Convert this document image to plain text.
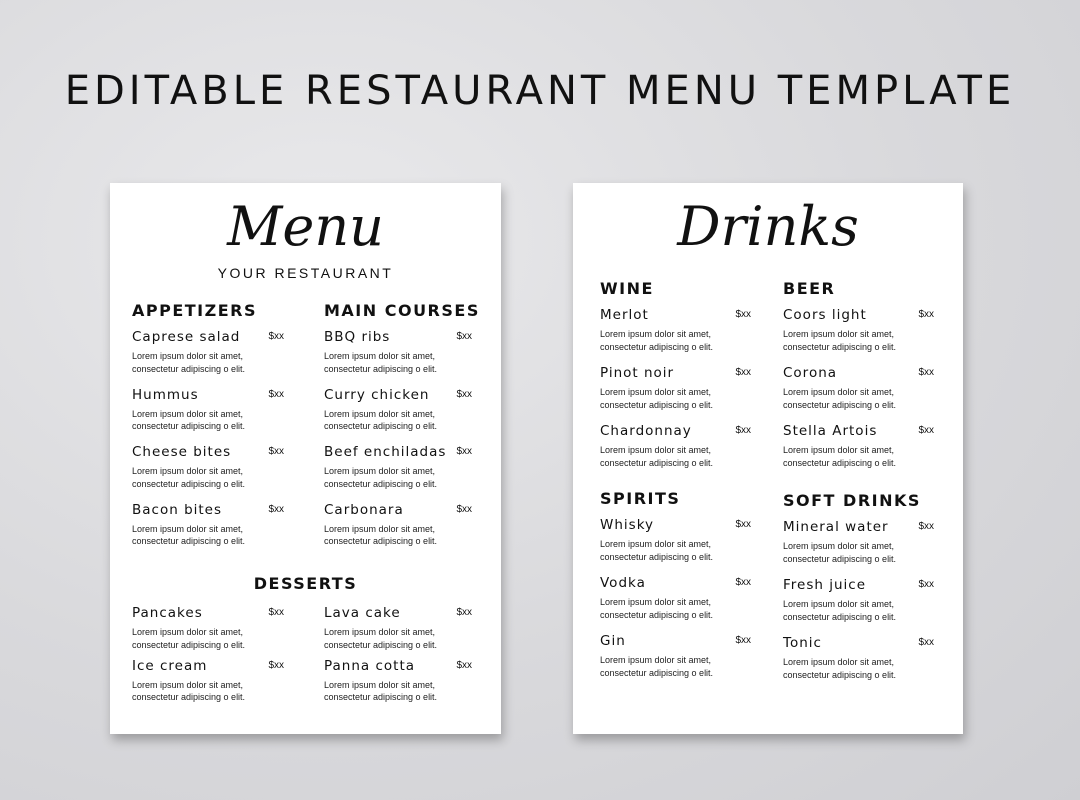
EDITABLE RESTAURANT MENU TEMPLATE
Menu

YOUR RESTAURANT

APPETIZERS
Caprese salad	$xx
Lorem ipsum dolor sit amet, consectetur adipiscing o elit.
Hummus	$xx
Lorem ipsum dolor sit amet, consectetur adipiscing o elit.
Cheese bites	$xx
Lorem ipsum dolor sit amet, consectetur adipiscing o elit.
Bacon bites	$xx
Lorem ipsum dolor sit amet, consectetur adipiscing o elit.
MAIN COURSES
BBQ ribs	$xx
Lorem ipsum dolor sit amet, consectetur adipiscing o elit.
Curry chicken	$xx
Lorem ipsum dolor sit amet, consectetur adipiscing o elit.
Beef enchiladas $xx
Lorem ipsum dolor sit amet, consectetur adipiscing o elit.
Carbonara	$xx
Lorem ipsum dolor sit amet, consectetur adipiscing o elit.
DESSERTS
Pancakes	$xx
Lorem ipsum dolor sit amet, consectetur adipiscing o elit.
Ice cream	$xx
Lorem ipsum dolor sit amet, consectetur adipiscing o elit.
Lava cake	$xx
Lorem ipsum dolor sit amet, consectetur adipiscing o elit.
Panna cotta	$xx
Lorem ipsum dolor sit amet, consectetur adipiscing o elit.
Drinks
WINE
Merlot	$xx
Lorem ipsum dolor sit amet, consectetur adipiscing o elit.
Pinot noir	$xx
Lorem ipsum dolor sit amet, consectetur adipiscing o elit.
Chardonnay	$xx
Lorem ipsum dolor sit amet, consectetur adipiscing o elit.
BEER
Coors light	$xx
Lorem ipsum dolor sit amet, consectetur adipiscing o elit.
Corona	$xx
Lorem ipsum dolor sit amet, consectetur adipiscing o elit.
Stella Artois	$xx
Lorem ipsum dolor sit amet, consectetur adipiscing o elit.
SPIRITS
Whisky	$xx
Lorem ipsum dolor sit amet, consectetur adipiscing o elit.
Vodka	$xx
Lorem ipsum dolor sit amet, consectetur adipiscing o elit.
Gin	$xx
Lorem ipsum dolor sit amet, consectetur adipiscing o elit.
SOFT DRINKS
Mineral water	$xx
Lorem ipsum dolor sit amet, consectetur adipiscing o elit.
Fresh juice	$xx
Lorem ipsum dolor sit amet, consectetur adipiscing o elit.
Tonic	$xx
Lorem ipsum dolor sit amet, consectetur adipiscing o elit.
